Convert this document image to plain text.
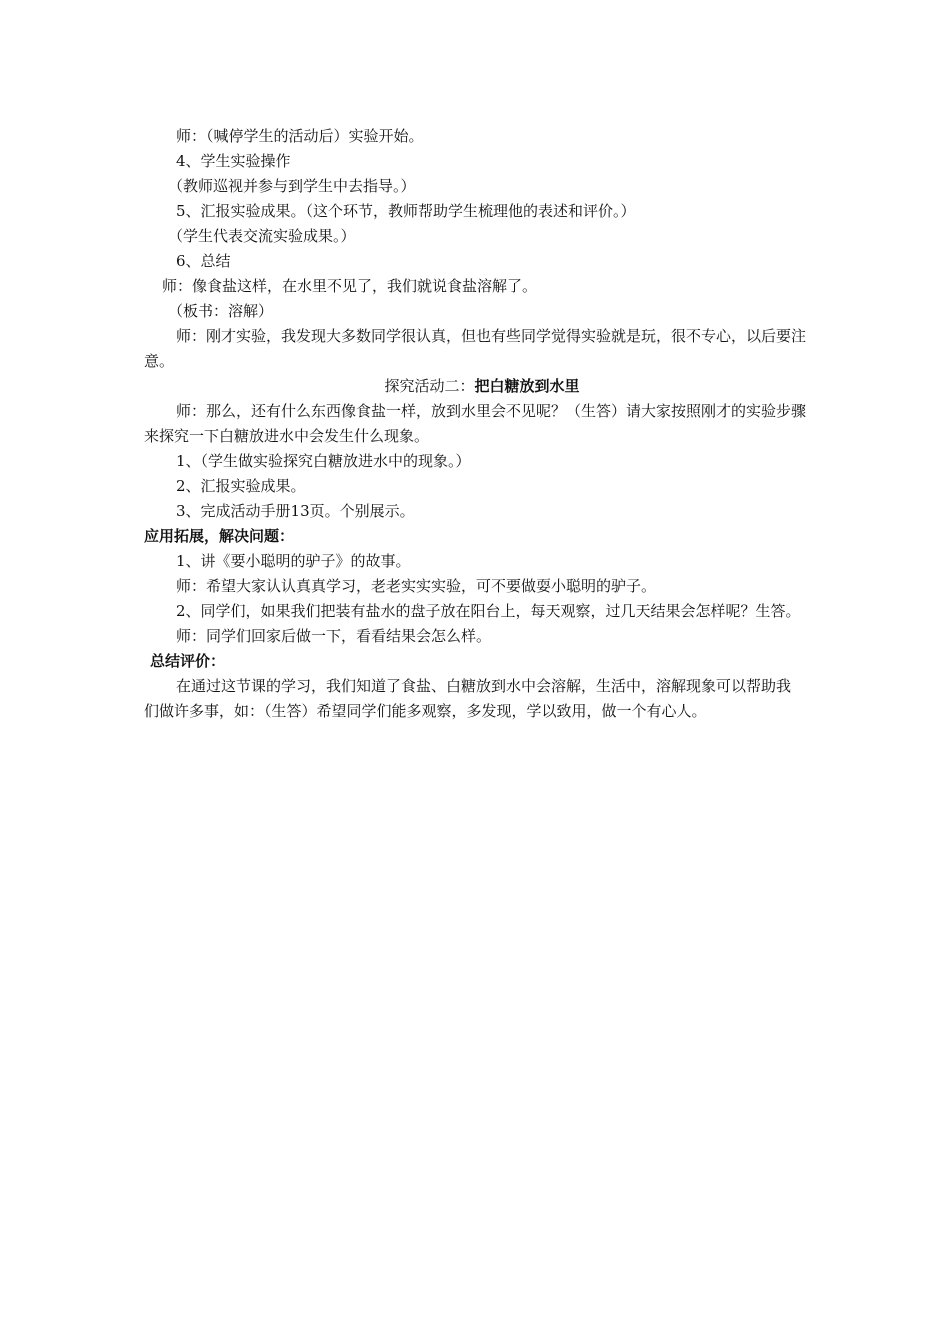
师：（喊停学生的活动后）实验开始。
4、学生实验操作
（教师巡视并参与到学生中去指导。）
5、汇报实验成果。（这个环节，教师帮助学生梳理他的表述和评价。）
（学生代表交流实验成果。）
6、总结
师：像食盐这样，在水里不见了，我们就说食盐溶解了。
（板书：溶解）
师：刚才实验，我发现大多数同学很认真，但也有些同学觉得实验就是玩，很不专心，以后要注意。
探究活动二：把白糖放到水里
师：那么，还有什么东西像食盐一样，放到水里会不见呢？（生答）请大家按照刚才的实验步骤来探究一下白糖放进水中会发生什么现象。
1、（学生做实验探究白糖放进水中的现象。）
2、汇报实验成果。
3、完成活动手册13页。个别展示。
应用拓展，解决问题：
1、讲《要小聪明的驴子》的故事。
师：希望大家认认真真学习，老老实实实验，可不要做耍小聪明的驴子。
2、同学们，如果我们把装有盐水的盘子放在阳台上，每天观察，过几天结果会怎样呢？生答。
师：同学们回家后做一下，看看结果会怎么样。
总结评价：
在通过这节课的学习，我们知道了食盐、白糖放到水中会溶解，生活中，溶解现象可以帮助我们做许多事，如：（生答）希望同学们能多观察，多发现，学以致用，做一个有心人。
